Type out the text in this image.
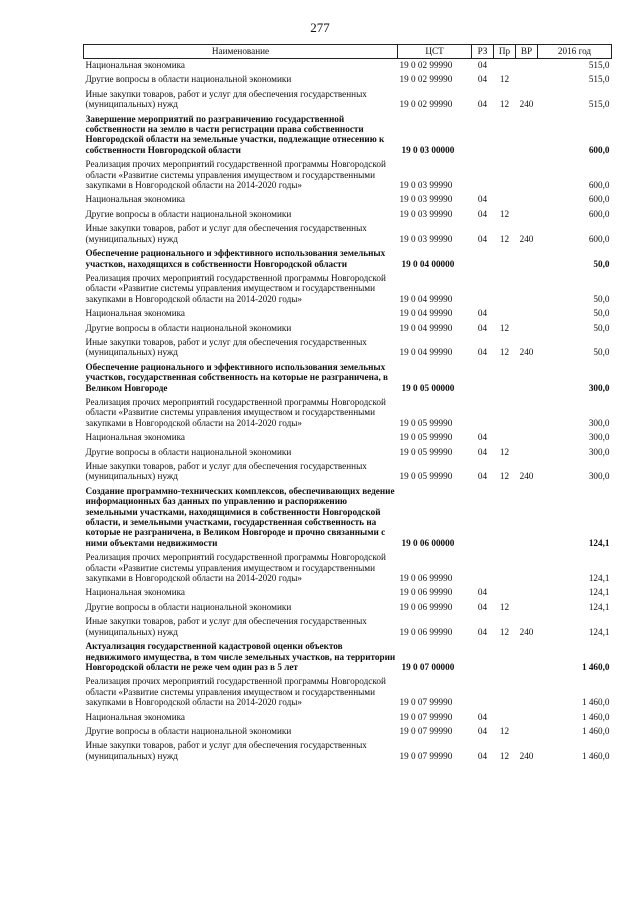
277
Наименование	ЦСТ	РЗ	Пр	ВР	2016 год
Национальная экономика	19 0 02 99990	04			515,0
Другие вопросы в области национальной экономики	19 0 02 99990	04	12		515,0
Иные закупки товаров, работ и услуг для обеспечения государственных (муниципальных) нужд	19 0 02 99990	04	12	240	515,0
Завершение мероприятий по разграничению государственной собственности на землю в части регистрации права собственности Новгородской области на земельные участки, подлежащие отнесению к собственности Новгородской области	19 0 03 00000				600,0
Реализация прочих мероприятий государственной программы Новгородской области «Развитие системы управления имуществом и государственными закупками в Новгородской области на 2014-2020 годы»	19 0 03 99990				600,0
Национальная экономика	19 0 03 99990	04			600,0
Другие вопросы в области национальной экономики	19 0 03 99990	04	12		600,0
Иные закупки товаров, работ и услуг для обеспечения государственных (муниципальных) нужд	19 0 03 99990	04	12	240	600,0
Обеспечение рационального и эффективного использования земельных участков, находящихся в собственности Новгородской области	19 0 04 00000				50,0
Реализация прочих мероприятий государственной программы Новгородской области «Развитие системы управления имуществом и государственными закупками в Новгородской области на 2014-2020 годы»	19 0 04 99990				50,0
Национальная экономика	19 0 04 99990	04			50,0
Другие вопросы в области национальной экономики	19 0 04 99990	04	12		50,0
Иные закупки товаров, работ и услуг для обеспечения государственных (муниципальных) нужд	19 0 04 99990	04	12	240	50,0
Обеспечение рационального и эффективного использования земельных участков, государственная собственность на которые не разграничена, в Великом Новгороде	19 0 05 00000				300,0
Реализация прочих мероприятий государственной программы Новгородской области «Развитие системы управления имуществом и государственными закупками в Новгородской области на 2014-2020 годы»	19 0 05 99990				300,0
Национальная экономика	19 0 05 99990	04			300,0
Другие вопросы в области национальной экономики	19 0 05 99990	04	12		300,0
Иные закупки товаров, работ и услуг для обеспечения государственных (муниципальных) нужд	19 0 05 99990	04	12	240	300,0
Создание программно-технических комплексов, обеспечивающих ведение информационных баз данных по управлению и распоряжению земельными участками, находящимися в собственности Новгородской области, и земельными участками, государственная собственность на которые не разграничена, в Великом Новгороде и прочно связанными с ними объектами недвижимости	19 0 06 00000				124,1
Реализация прочих мероприятий государственной программы Новгородской области «Развитие системы управления имуществом и государственными закупками в Новгородской области на 2014-2020 годы»	19 0 06 99990				124,1
Национальная экономика	19 0 06 99990	04			124,1
Другие вопросы в области национальной экономики	19 0 06 99990	04	12		124,1
Иные закупки товаров, работ и услуг для обеспечения государственных (муниципальных) нужд	19 0 06 99990	04	12	240	124,1
Актуализация государственной кадастровой оценки объектов недвижимого имущества, в том числе земельных участков, на территории Новгородской области не реже чем один раз в 5 лет	19 0 07 00000				1 460,0
Реализация прочих мероприятий государственной программы Новгородской области «Развитие системы управления имуществом и государственными закупками в Новгородской области на 2014-2020 годы»	19 0 07 99990				1 460,0
Национальная экономика	19 0 07 99990	04			1 460,0
Другие вопросы в области национальной экономики	19 0 07 99990	04	12		1 460,0
Иные закупки товаров, работ и услуг для обеспечения государственных (муниципальных) нужд	19 0 07 99990	04	12	240	1 460,0
